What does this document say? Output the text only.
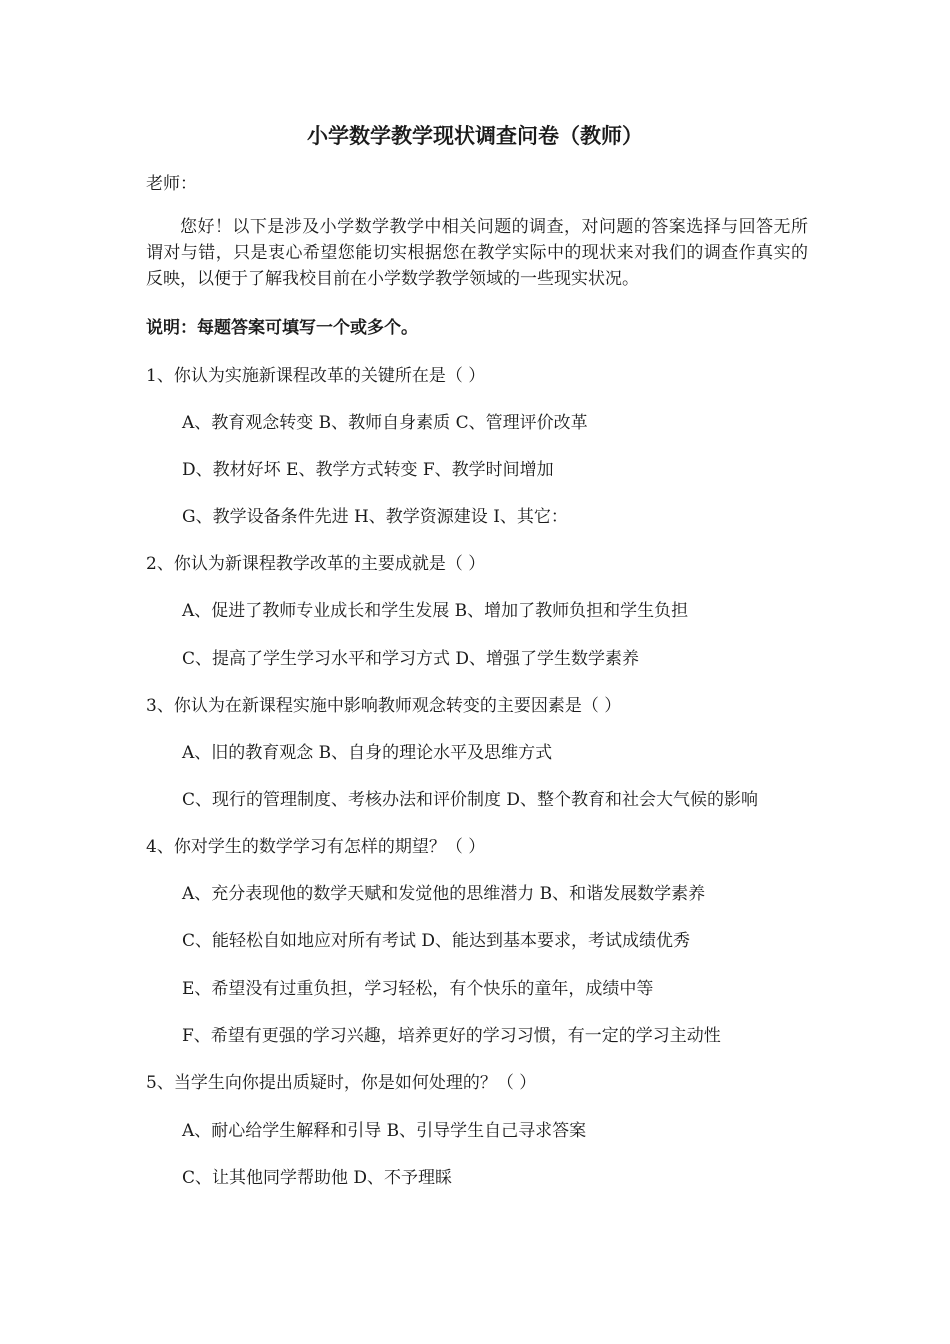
小学数学教学现状调查问卷（教师）

老师：

您好！以下是涉及小学数学教学中相关问题的调查，对问题的答案选择与回答无所谓对与错，只是衷心希望您能切实根据您在教学实际中的现状来对我们的调查作真实的反映，以便于了解我校目前在小学数学教学领域的一些现实状况。

说明：每题答案可填写一个或多个。

1、你认为实施新课程改革的关键所在是（ ）

A、教育观念转变 B、教师自身素质 C、管理评价改革

D、教材好坏 E、教学方式转变 F、教学时间增加

G、教学设备条件先进 H、教学资源建设 I、其它：

2、你认为新课程教学改革的主要成就是（ ）

A、促进了教师专业成长和学生发展 B、增加了教师负担和学生负担

C、提高了学生学习水平和学习方式 D、增强了学生数学素养

3、你认为在新课程实施中影响教师观念转变的主要因素是（ ）

A、旧的教育观念 B、自身的理论水平及思维方式

C、现行的管理制度、考核办法和评价制度 D、整个教育和社会大气候的影响

4、你对学生的数学学习有怎样的期望？（ ）

A、充分表现他的数学天赋和发觉他的思维潜力 B、和谐发展数学素养

C、能轻松自如地应对所有考试 D、能达到基本要求，考试成绩优秀

E、希望没有过重负担，学习轻松，有个快乐的童年，成绩中等

F、希望有更强的学习兴趣，培养更好的学习习惯，有一定的学习主动性

5、当学生向你提出质疑时，你是如何处理的？（ ）

A、耐心给学生解释和引导 B、引导学生自己寻求答案

C、让其他同学帮助他 D、不予理睬
